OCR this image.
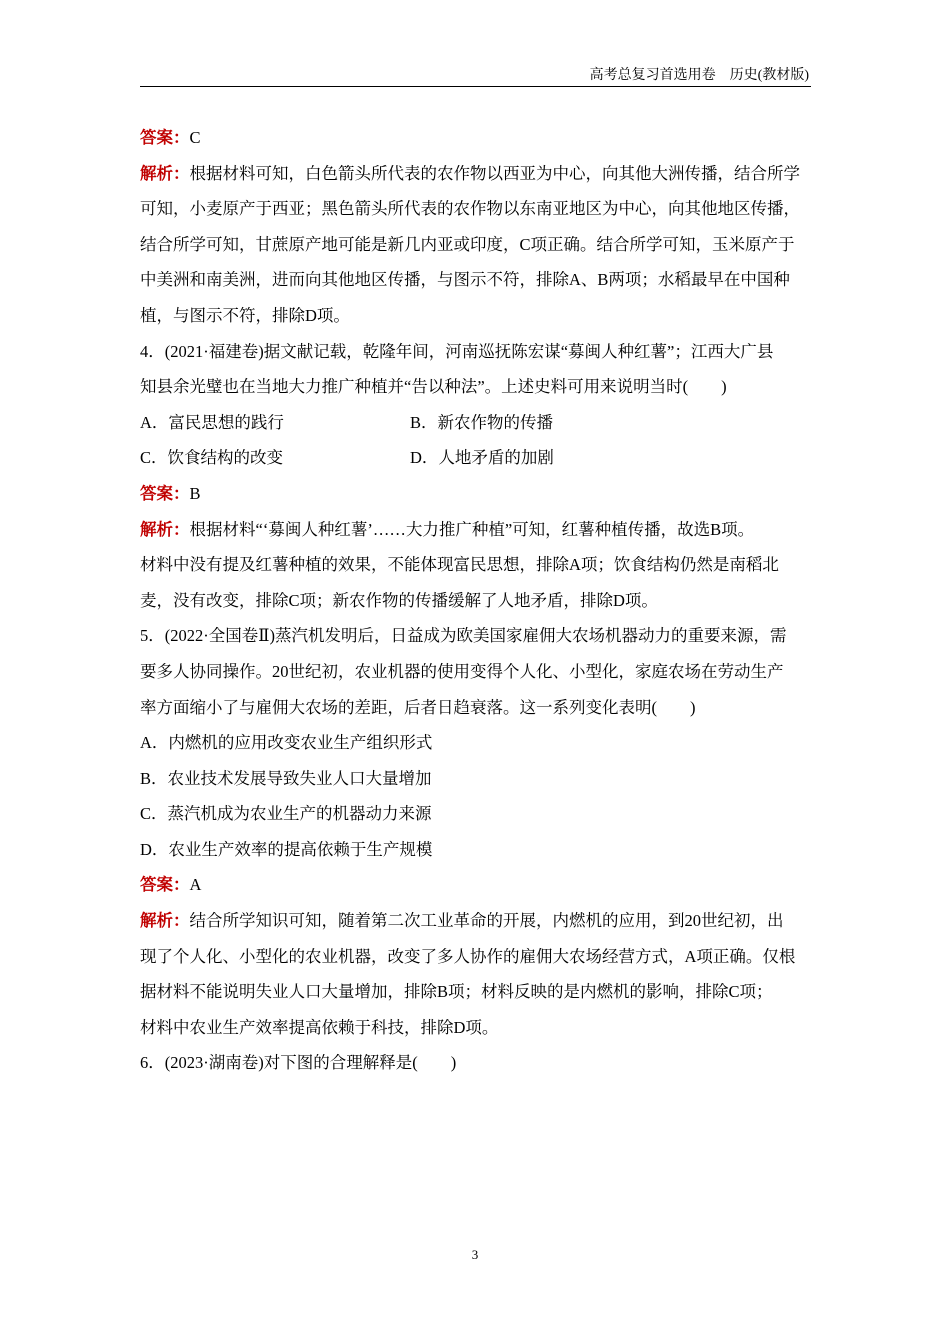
高考总复习首选用卷　历史(教材版)
答案：C
解析：根据材料可知，白色箭头所代表的农作物以西亚为中心，向其他大洲传播，结合所学
可知，小麦原产于西亚；黑色箭头所代表的农作物以东南亚地区为中心，向其他地区传播，
结合所学可知，甘蔗原产地可能是新几内亚或印度，C项正确。结合所学可知，玉米原产于
中美洲和南美洲，进而向其他地区传播，与图示不符，排除A、B两项；水稻最早在中国种
植，与图示不符，排除D项。
4．(2021·福建卷)据文献记载，乾隆年间，河南巡抚陈宏谋“募闽人种红薯”；江西大广县
知县余光璧也在当地大力推广种植并“告以种法”。上述史料可用来说明当时(　　)
A．富民思想的践行	B．新农作物的传播
C．饮食结构的改变	D．人地矛盾的加剧
答案：B
解析：根据材料“‘募闽人种红薯’……大力推广种植”可知，红薯种植传播，故选B项。
材料中没有提及红薯种植的效果，不能体现富民思想，排除A项；饮食结构仍然是南稻北
麦，没有改变，排除C项；新农作物的传播缓解了人地矛盾，排除D项。
5．(2022·全国卷Ⅱ)蒸汽机发明后，日益成为欧美国家雇佣大农场机器动力的重要来源，需
要多人协同操作。20世纪初，农业机器的使用变得个人化、小型化，家庭农场在劳动生产
率方面缩小了与雇佣大农场的差距，后者日趋衰落。这一系列变化表明(　　)
A．内燃机的应用改变农业生产组织形式
B．农业技术发展导致失业人口大量增加
C．蒸汽机成为农业生产的机器动力来源
D．农业生产效率的提高依赖于生产规模
答案：A
解析：结合所学知识可知，随着第二次工业革命的开展，内燃机的应用，到20世纪初，出
现了个人化、小型化的农业机器，改变了多人协作的雇佣大农场经营方式，A项正确。仅根
据材料不能说明失业人口大量增加，排除B项；材料反映的是内燃机的影响，排除C项；
材料中农业生产效率提高依赖于科技，排除D项。
6．(2023·湖南卷)对下图的合理解释是(　　)
3
